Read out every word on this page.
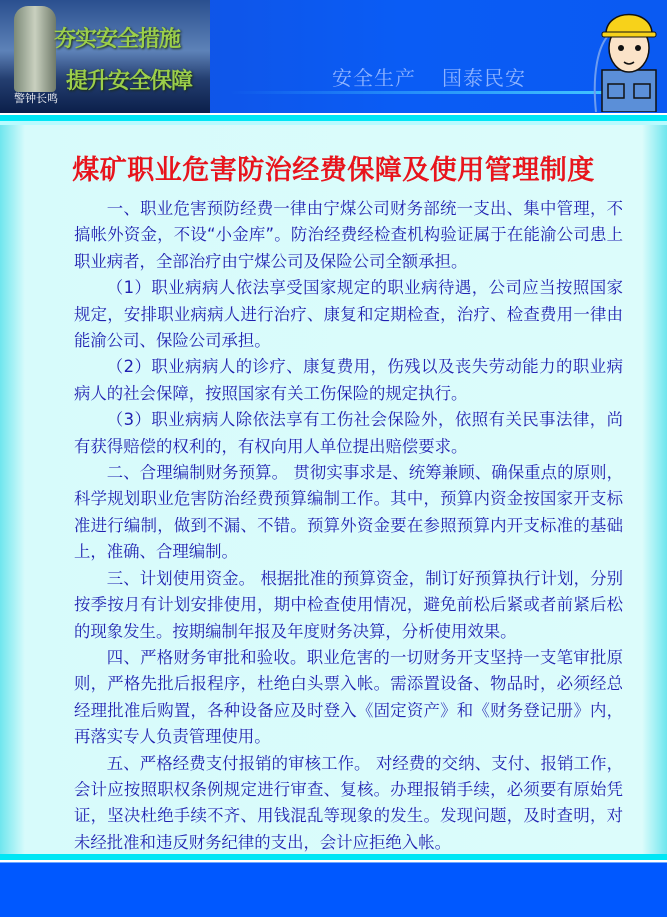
夯实安全措施
提升安全保障
警钟长鸣
安全生产 国泰民安
煤矿职业危害防治经费保障及使用管理制度

一、职业危害预防经费一律由宁煤公司财务部统一支出、集中管理，不搞帐外资金，不设“小金库”。防治经费经检查机构验证属于在能渝公司患上职业病者，全部治疗由宁煤公司及保险公司全额承担。

（1）职业病病人依法享受国家规定的职业病待遇，公司应当按照国家规定，安排职业病病人进行治疗、康复和定期检查，治疗、检查费用一律由能渝公司、保险公司承担。

（2）职业病病人的诊疗、康复费用，伤残以及丧失劳动能力的职业病病人的社会保障，按照国家有关工伤保险的规定执行。

（3）职业病病人除依法享有工伤社会保险外，依照有关民事法律，尚有获得赔偿的权利的，有权向用人单位提出赔偿要求。

二、合理编制财务预算。 贯彻实事求是、统筹兼顾、确保重点的原则，科学规划职业危害防治经费预算编制工作。其中，预算内资金按国家开支标准进行编制，做到不漏、不错。预算外资金要在参照预算内开支标准的基础上，准确、合理编制。

三、计划使用资金。 根据批准的预算资金，制订好预算执行计划，分别按季按月有计划安排使用，期中检查使用情况，避免前松后紧或者前紧后松的现象发生。按期编制年报及年度财务决算，分析使用效果。

四、严格财务审批和验收。职业危害的一切财务开支坚持一支笔审批原则，严格先批后报程序，杜绝白头票入帐。需添置设备、物品时，必须经总经理批准后购置，各种设备应及时登入《固定资产》和《财务登记册》内，再落实专人负责管理使用。

五、严格经费支付报销的审核工作。 对经费的交纳、支付、报销工作，会计应按照职权条例规定进行审查、复核。办理报销手续，必须要有原始凭证，坚决杜绝手续不齐、用钱混乱等现象的发生。发现问题，及时查明，对未经批准和违反财务纪律的支出，会计应拒绝入帐。
